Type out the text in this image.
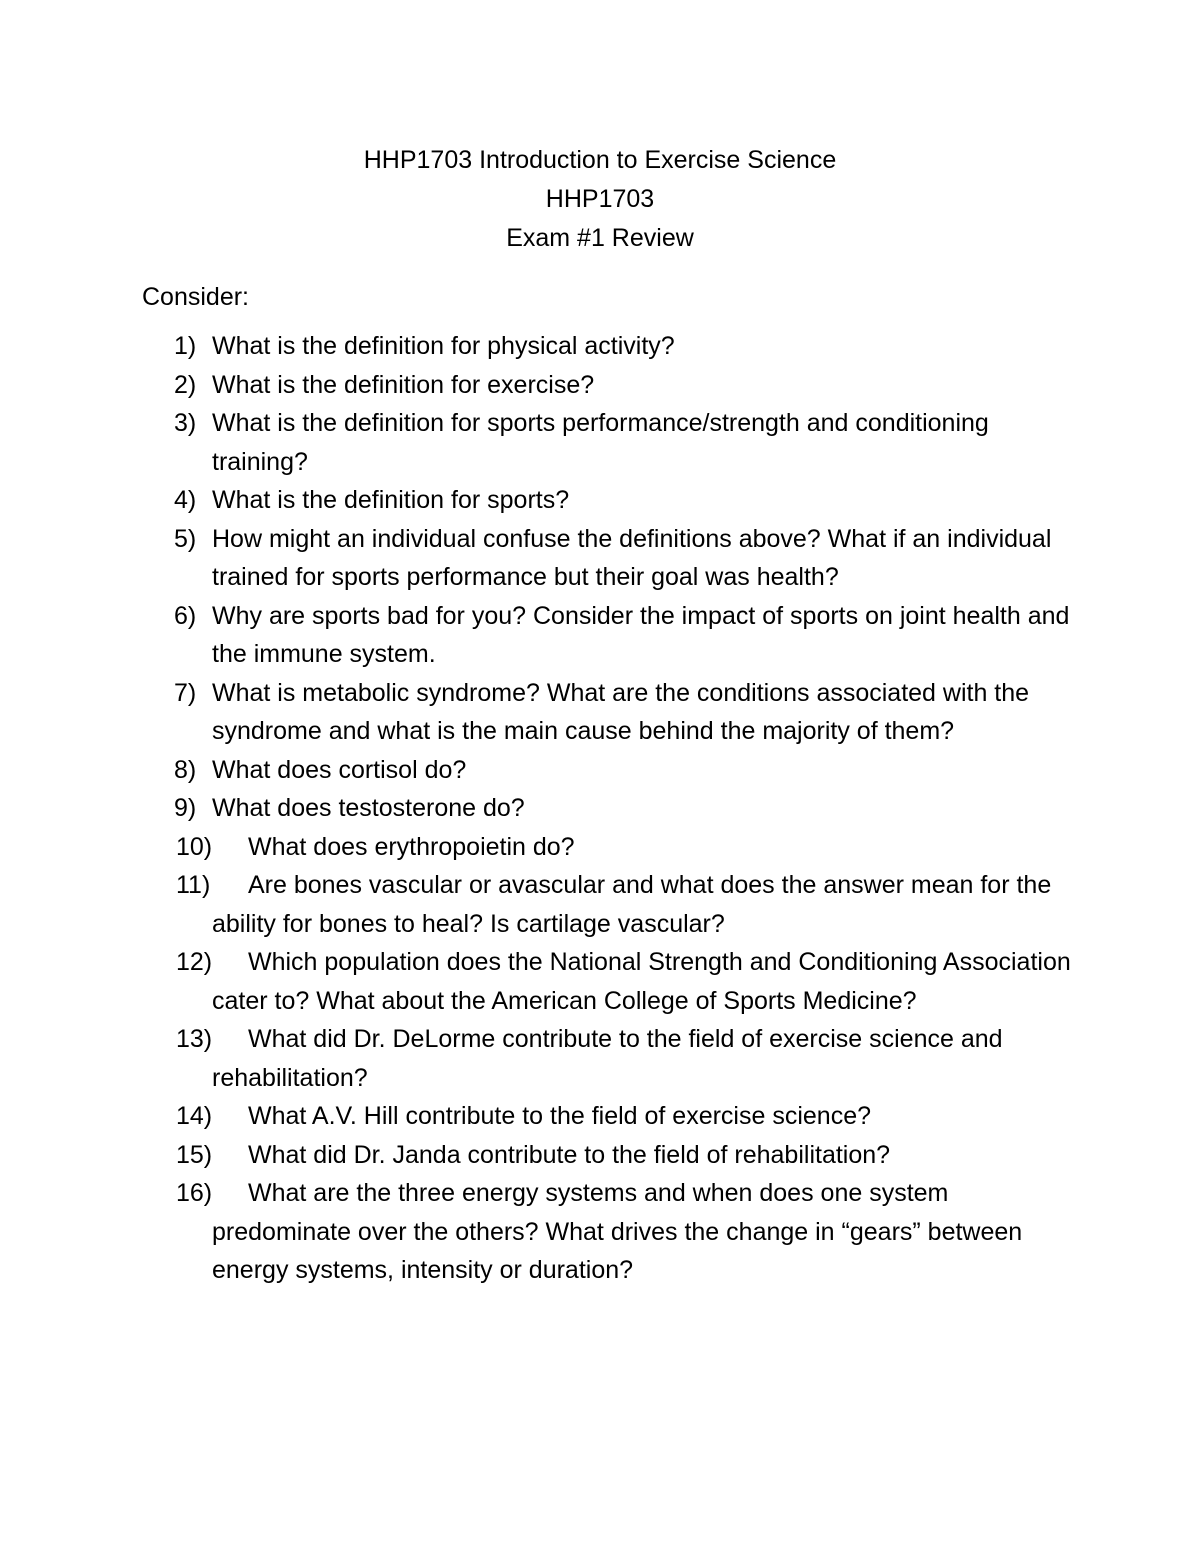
HHP1703 Introduction to Exercise Science
HHP1703
Exam #1 Review
Consider:
1) What is the definition for physical activity?
2) What is the definition for exercise?
3) What is the definition for sports performance/strength and conditioning training?
4) What is the definition for sports?
5) How might an individual confuse the definitions above? What if an individual trained for sports performance but their goal was health?
6) Why are sports bad for you? Consider the impact of sports on joint health and the immune system.
7) What is metabolic syndrome? What are the conditions associated with the syndrome and what is the main cause behind the majority of them?
8) What does cortisol do?
9) What does testosterone do?
10)	What does erythropoietin do?
11)	Are bones vascular or avascular and what does the answer mean for the ability for bones to heal? Is cartilage vascular?
12)	Which population does the National Strength and Conditioning Association cater to? What about the American College of Sports Medicine?
13)	What did Dr. DeLorme contribute to the field of exercise science and rehabilitation?
14)	What A.V. Hill contribute to the field of exercise science?
15)	What did Dr. Janda contribute to the field of rehabilitation?
16)	What are the three energy systems and when does one system predominate over the others? What drives the change in “gears” between energy systems, intensity or duration?
